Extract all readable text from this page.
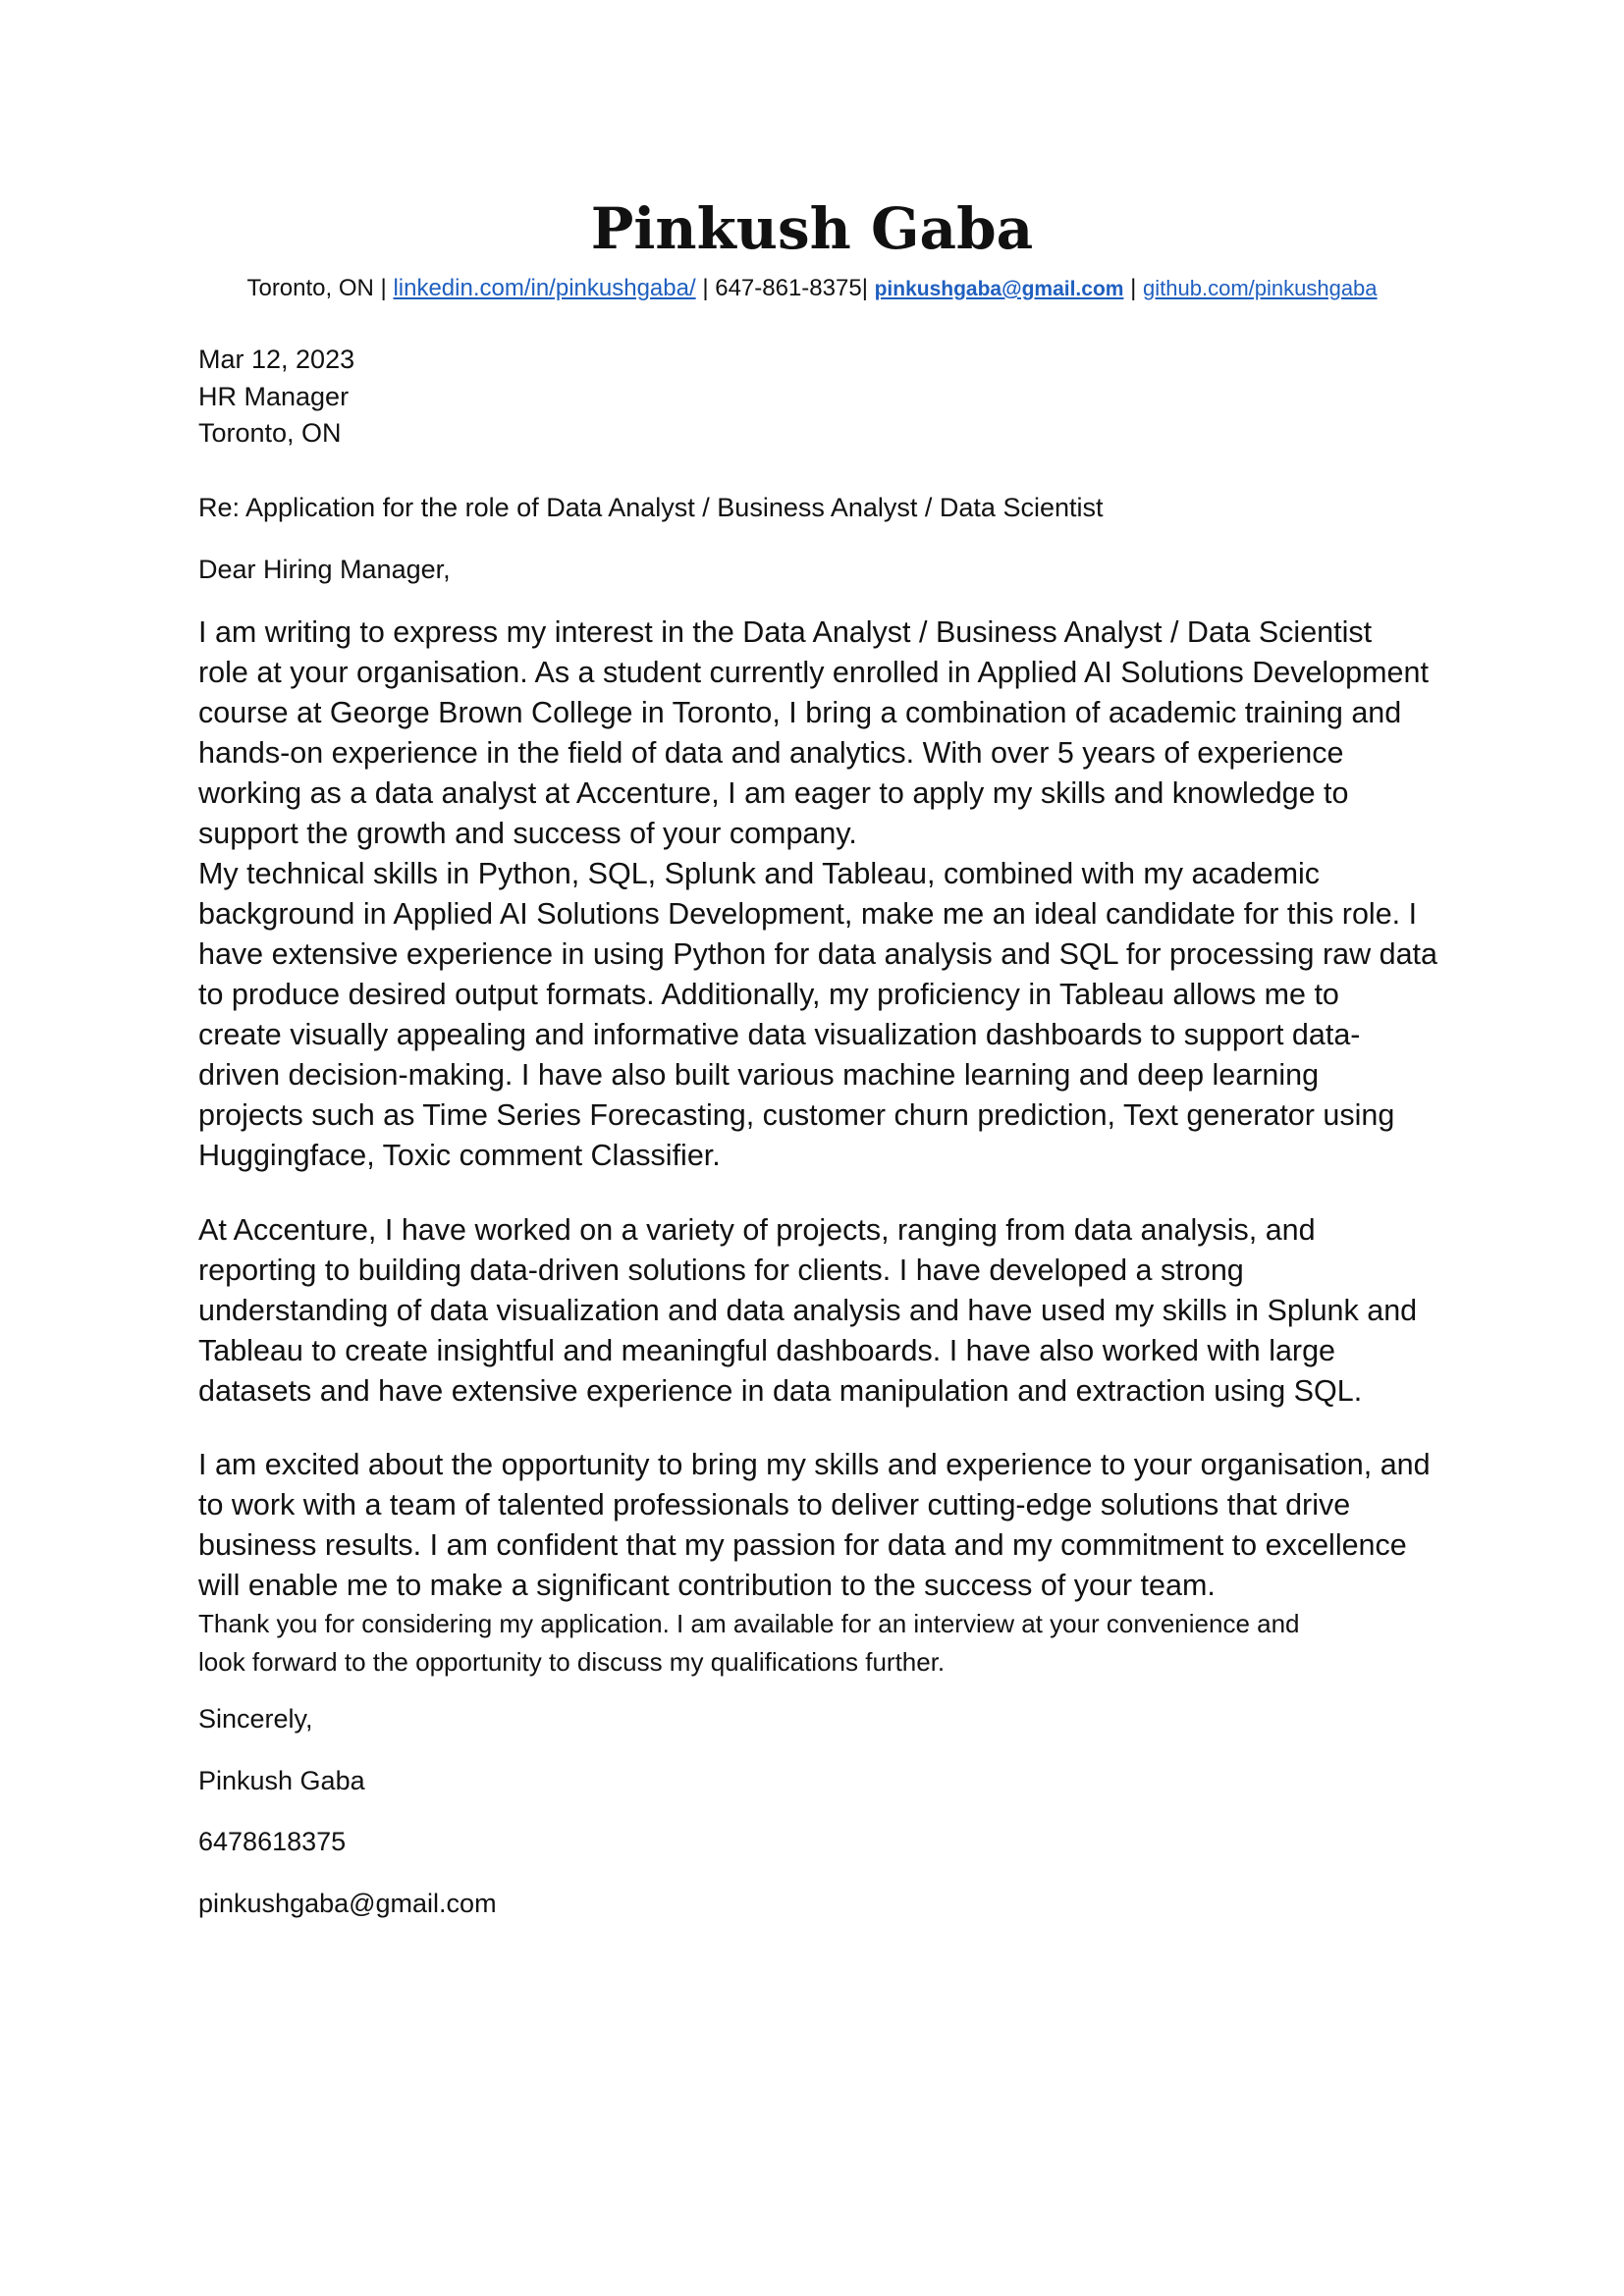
Pinkush Gaba
Toronto, ON | linkedin.com/in/pinkushgaba/ | 647-861-8375| pinkushgaba@gmail.com | github.com/pinkushgaba
Mar 12, 2023
HR Manager
Toronto, ON
Re: Application for the role of Data Analyst / Business Analyst / Data Scientist
Dear Hiring Manager,
I am writing to express my interest in the Data Analyst / Business Analyst / Data Scientist
role at your organisation. As a student currently enrolled in Applied AI Solutions Development
course at George Brown College in Toronto, I bring a combination of academic training and
hands-on experience in the field of data and analytics. With over 5 years of experience
working as a data analyst at Accenture, I am eager to apply my skills and knowledge to
support the growth and success of your company.
My technical skills in Python, SQL, Splunk and Tableau, combined with my academic
background in Applied AI Solutions Development, make me an ideal candidate for this role. I
have extensive experience in using Python for data analysis and SQL for processing raw data
to produce desired output formats. Additionally, my proficiency in Tableau allows me to
create visually appealing and informative data visualization dashboards to support data-
driven decision-making. I have also built various machine learning and deep learning
projects such as Time Series Forecasting, customer churn prediction, Text generator using
Huggingface, Toxic comment Classifier.
At Accenture, I have worked on a variety of projects, ranging from data analysis, and
reporting to building data-driven solutions for clients. I have developed a strong
understanding of data visualization and data analysis and have used my skills in Splunk and
Tableau to create insightful and meaningful dashboards. I have also worked with large
datasets and have extensive experience in data manipulation and extraction using SQL.
I am excited about the opportunity to bring my skills and experience to your organisation, and
to work with a team of talented professionals to deliver cutting-edge solutions that drive
business results. I am confident that my passion for data and my commitment to excellence
will enable me to make a significant contribution to the success of your team.
Thank you for considering my application. I am available for an interview at your convenience and
look forward to the opportunity to discuss my qualifications further.
Sincerely,
Pinkush Gaba
6478618375
pinkushgaba@gmail.com
